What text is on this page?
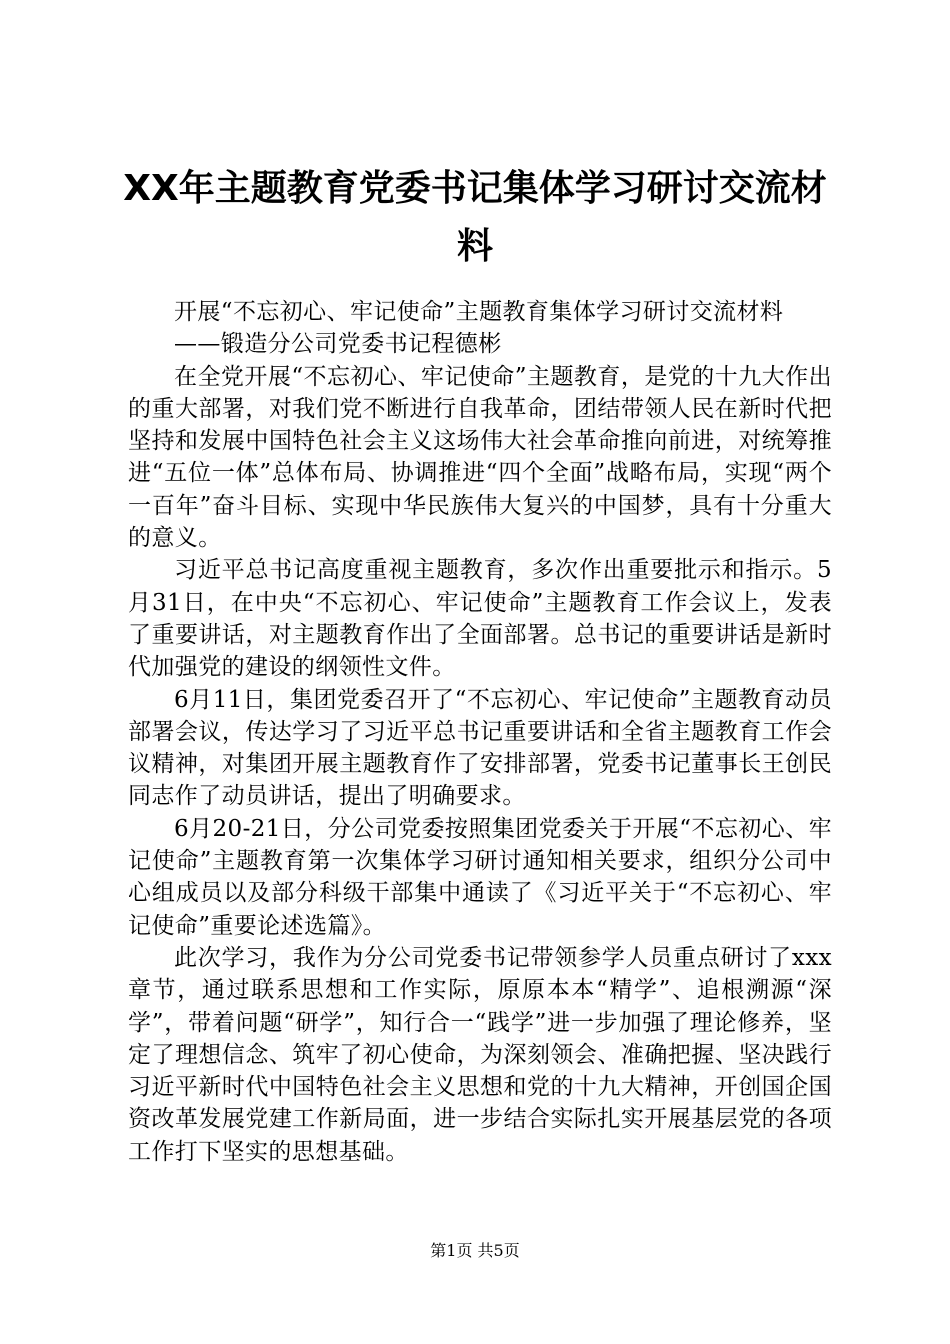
XX年主题教育党委书记集体学习研讨交流材料

开展“不忘初心、牢记使命”主题教育集体学习研讨交流材料

——锻造分公司党委书记程德彬

在全党开展“不忘初心、牢记使命”主题教育，是党的十九大作出的重大部署，对我们党不断进行自我革命，团结带领人民在新时代把坚持和发展中国特色社会主义这场伟大社会革命推向前进，对统筹推进“五位一体”总体布局、协调推进“四个全面”战略布局，实现“两个一百年”奋斗目标、实现中华民族伟大复兴的中国梦，具有十分重大的意义。

习近平总书记高度重视主题教育，多次作出重要批示和指示。5月31日，在中央“不忘初心、牢记使命”主题教育工作会议上，发表了重要讲话，对主题教育作出了全面部署。总书记的重要讲话是新时代加强党的建设的纲领性文件。

6月11日，集团党委召开了“不忘初心、牢记使命”主题教育动员部署会议，传达学习了习近平总书记重要讲话和全省主题教育工作会议精神，对集团开展主题教育作了安排部署，党委书记董事长王创民同志作了动员讲话，提出了明确要求。

6月20-21日，分公司党委按照集团党委关于开展“不忘初心、牢记使命”主题教育第一次集体学习研讨通知相关要求，组织分公司中心组成员以及部分科级干部集中通读了《习近平关于“不忘初心、牢记使命”重要论述选篇》。

此次学习，我作为分公司党委书记带领参学人员重点研讨了xxx章节，通过联系思想和工作实际，原原本本“精学”、追根溯源“深学”，带着问题“研学”，知行合一“践学”进一步加强了理论修养，坚定了理想信念、筑牢了初心使命，为深刻领会、准确把握、坚决践行习近平新时代中国特色社会主义思想和党的十九大精神，开创国企国资改革发展党建工作新局面，进一步结合实际扎实开展基层党的各项工作打下坚实的思想基础。

第1页 共5页
